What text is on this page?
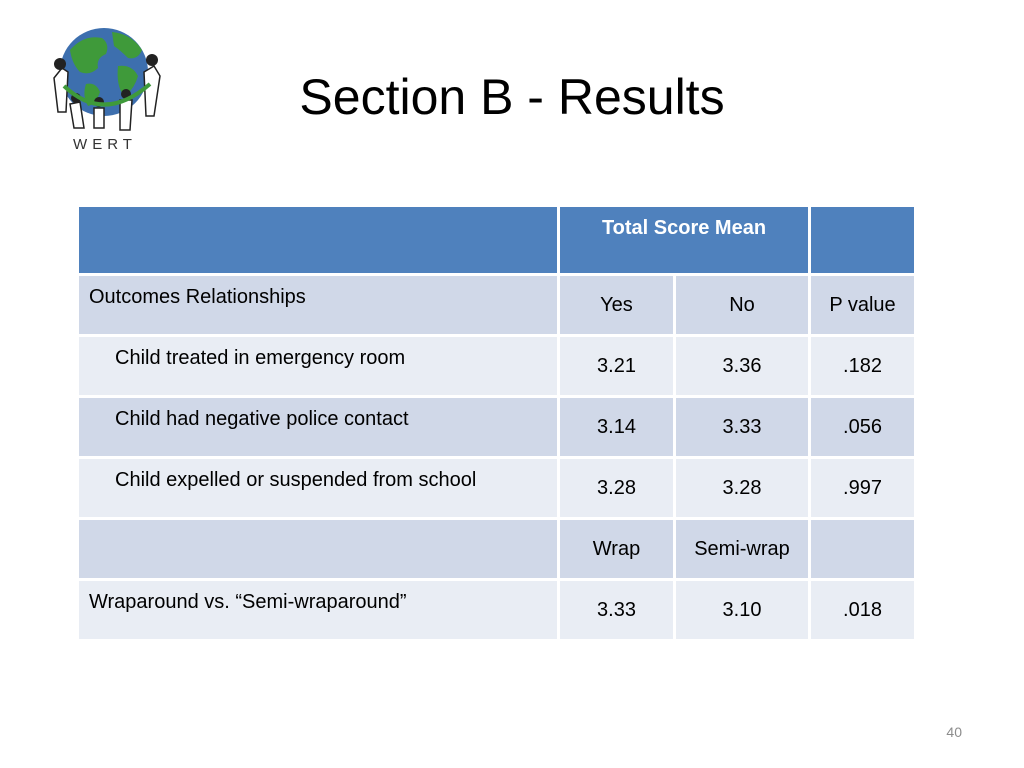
WERT
Section B - Results
	Total Score Mean		
Outcomes Relationships	Yes	No	P value
Child treated in emergency room	3.21	3.36	.182
Child had negative police contact	3.14	3.33	.056
Child expelled or suspended from school	3.28	3.28	.997
	Wrap	Semi-wrap	
Wraparound vs. “Semi-wraparound”	3.33	3.10	.018
40
